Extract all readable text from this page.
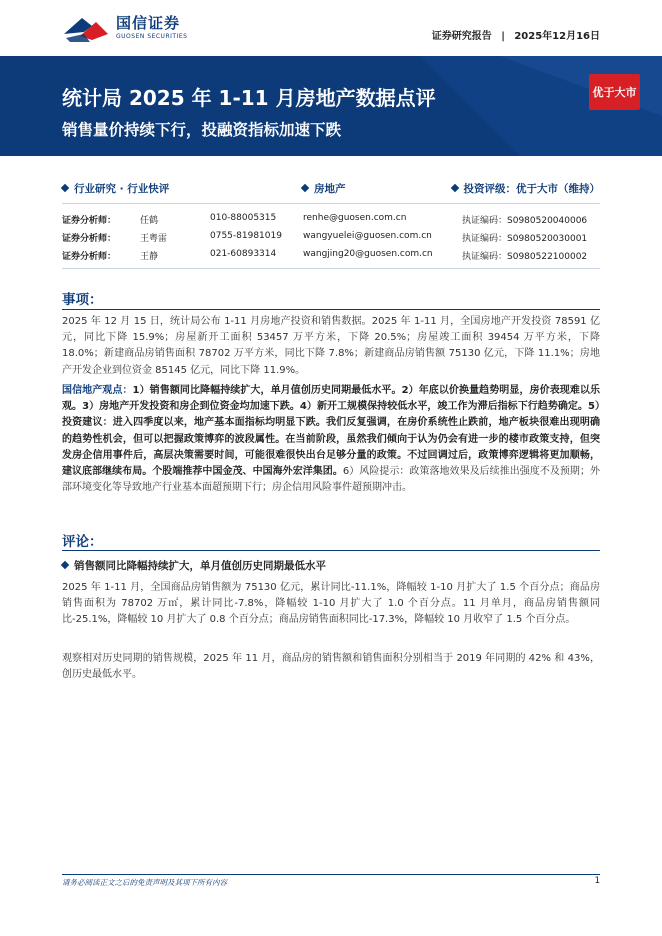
国信证券
GUOSEN SECURITIES	证券研究报告 | 2025年12月16日
统计局 2025 年 1-11 月房地产数据点评
销售量价持续下行，投融资指标加速下跌
优于大市
行业研究 · 行业快评	房地产	投资评级：优于大市（维持）
证券分析师：	任鹤	010-88005315	renhe@guosen.com.cn	执证编码：S0980520040006
证券分析师：	王粤雷	0755-81981019 wangyuelei@guosen.com.cn	执证编码：S0980520030001
证券分析师：	王静	021-60893314	wangjing20@guosen.com.cn	执证编码：S0980522100002
事项：
2025 年 12 月 15 日，统计局公布 1-11 月房地产投资和销售数据。2025 年 1-11 月，全国房地产开发投资 78591 亿元，同比下降 15.9%；房屋新开工面积 53457 万平方米，下降 20.5%；房屋竣工面积 39454 万平方米，下降 18.0%；新建商品房销售面积 78702 万平方米，同比下降 7.8%；新建商品房销售额 75130 亿元，下降 11.1%；房地产开发企业到位资金 85145 亿元，同比下降 11.9%。
国信地产观点：1）销售额同比降幅持续扩大，单月值创历史同期最低水平。2）年底以价换量趋势明显，房价表现难以乐观。3）房地产开发投资和房企到位资金均加速下跌。4）新开工规模保持较低水平，竣工作为滞后指标下行趋势确定。5）投资建议：进入四季度以来，地产基本面指标均明显下跌。我们反复强调，在房价系统性止跌前，地产板块很难出现明确的趋势性机会，但可以把握政策博弈的波段属性。在当前阶段，虽然我们倾向于认为仍会有进一步的楼市政策支持，但突发房企信用事件后，高层决策需要时间，可能很难很快出台足够分量的政策。不过回调过后，政策博弈逻辑将更加顺畅，建议底部继续布局。个股端推荐中国金茂、中国海外宏洋集团。6）风险提示：政策落地效果及后续推出强度不及预期；外部环境变化等导致地产行业基本面超预期下行；房企信用风险事件超预期冲击。
评论：
销售额同比降幅持续扩大，单月值创历史同期最低水平
2025 年 1-11 月，全国商品房销售额为 75130 亿元，累计同比-11.1%，降幅较 1-10 月扩大了 1.5 个百分点；商品房销售面积为 78702 万㎡，累计同比-7.8%，降幅较 1-10 月扩大了 1.0 个百分点。11 月单月，商品房销售额同比-25.1%，降幅较 10 月扩大了 0.8 个百分点；商品房销售面积同比-17.3%，降幅较 10 月收窄了 1.5 个百分点。
观察相对历史同期的销售规模，2025 年 11 月，商品房的销售额和销售面积分别相当于 2019 年同期的 42% 和 43%，创历史最低水平。
请务必阅读正文之后的免责声明及其项下所有内容	1
